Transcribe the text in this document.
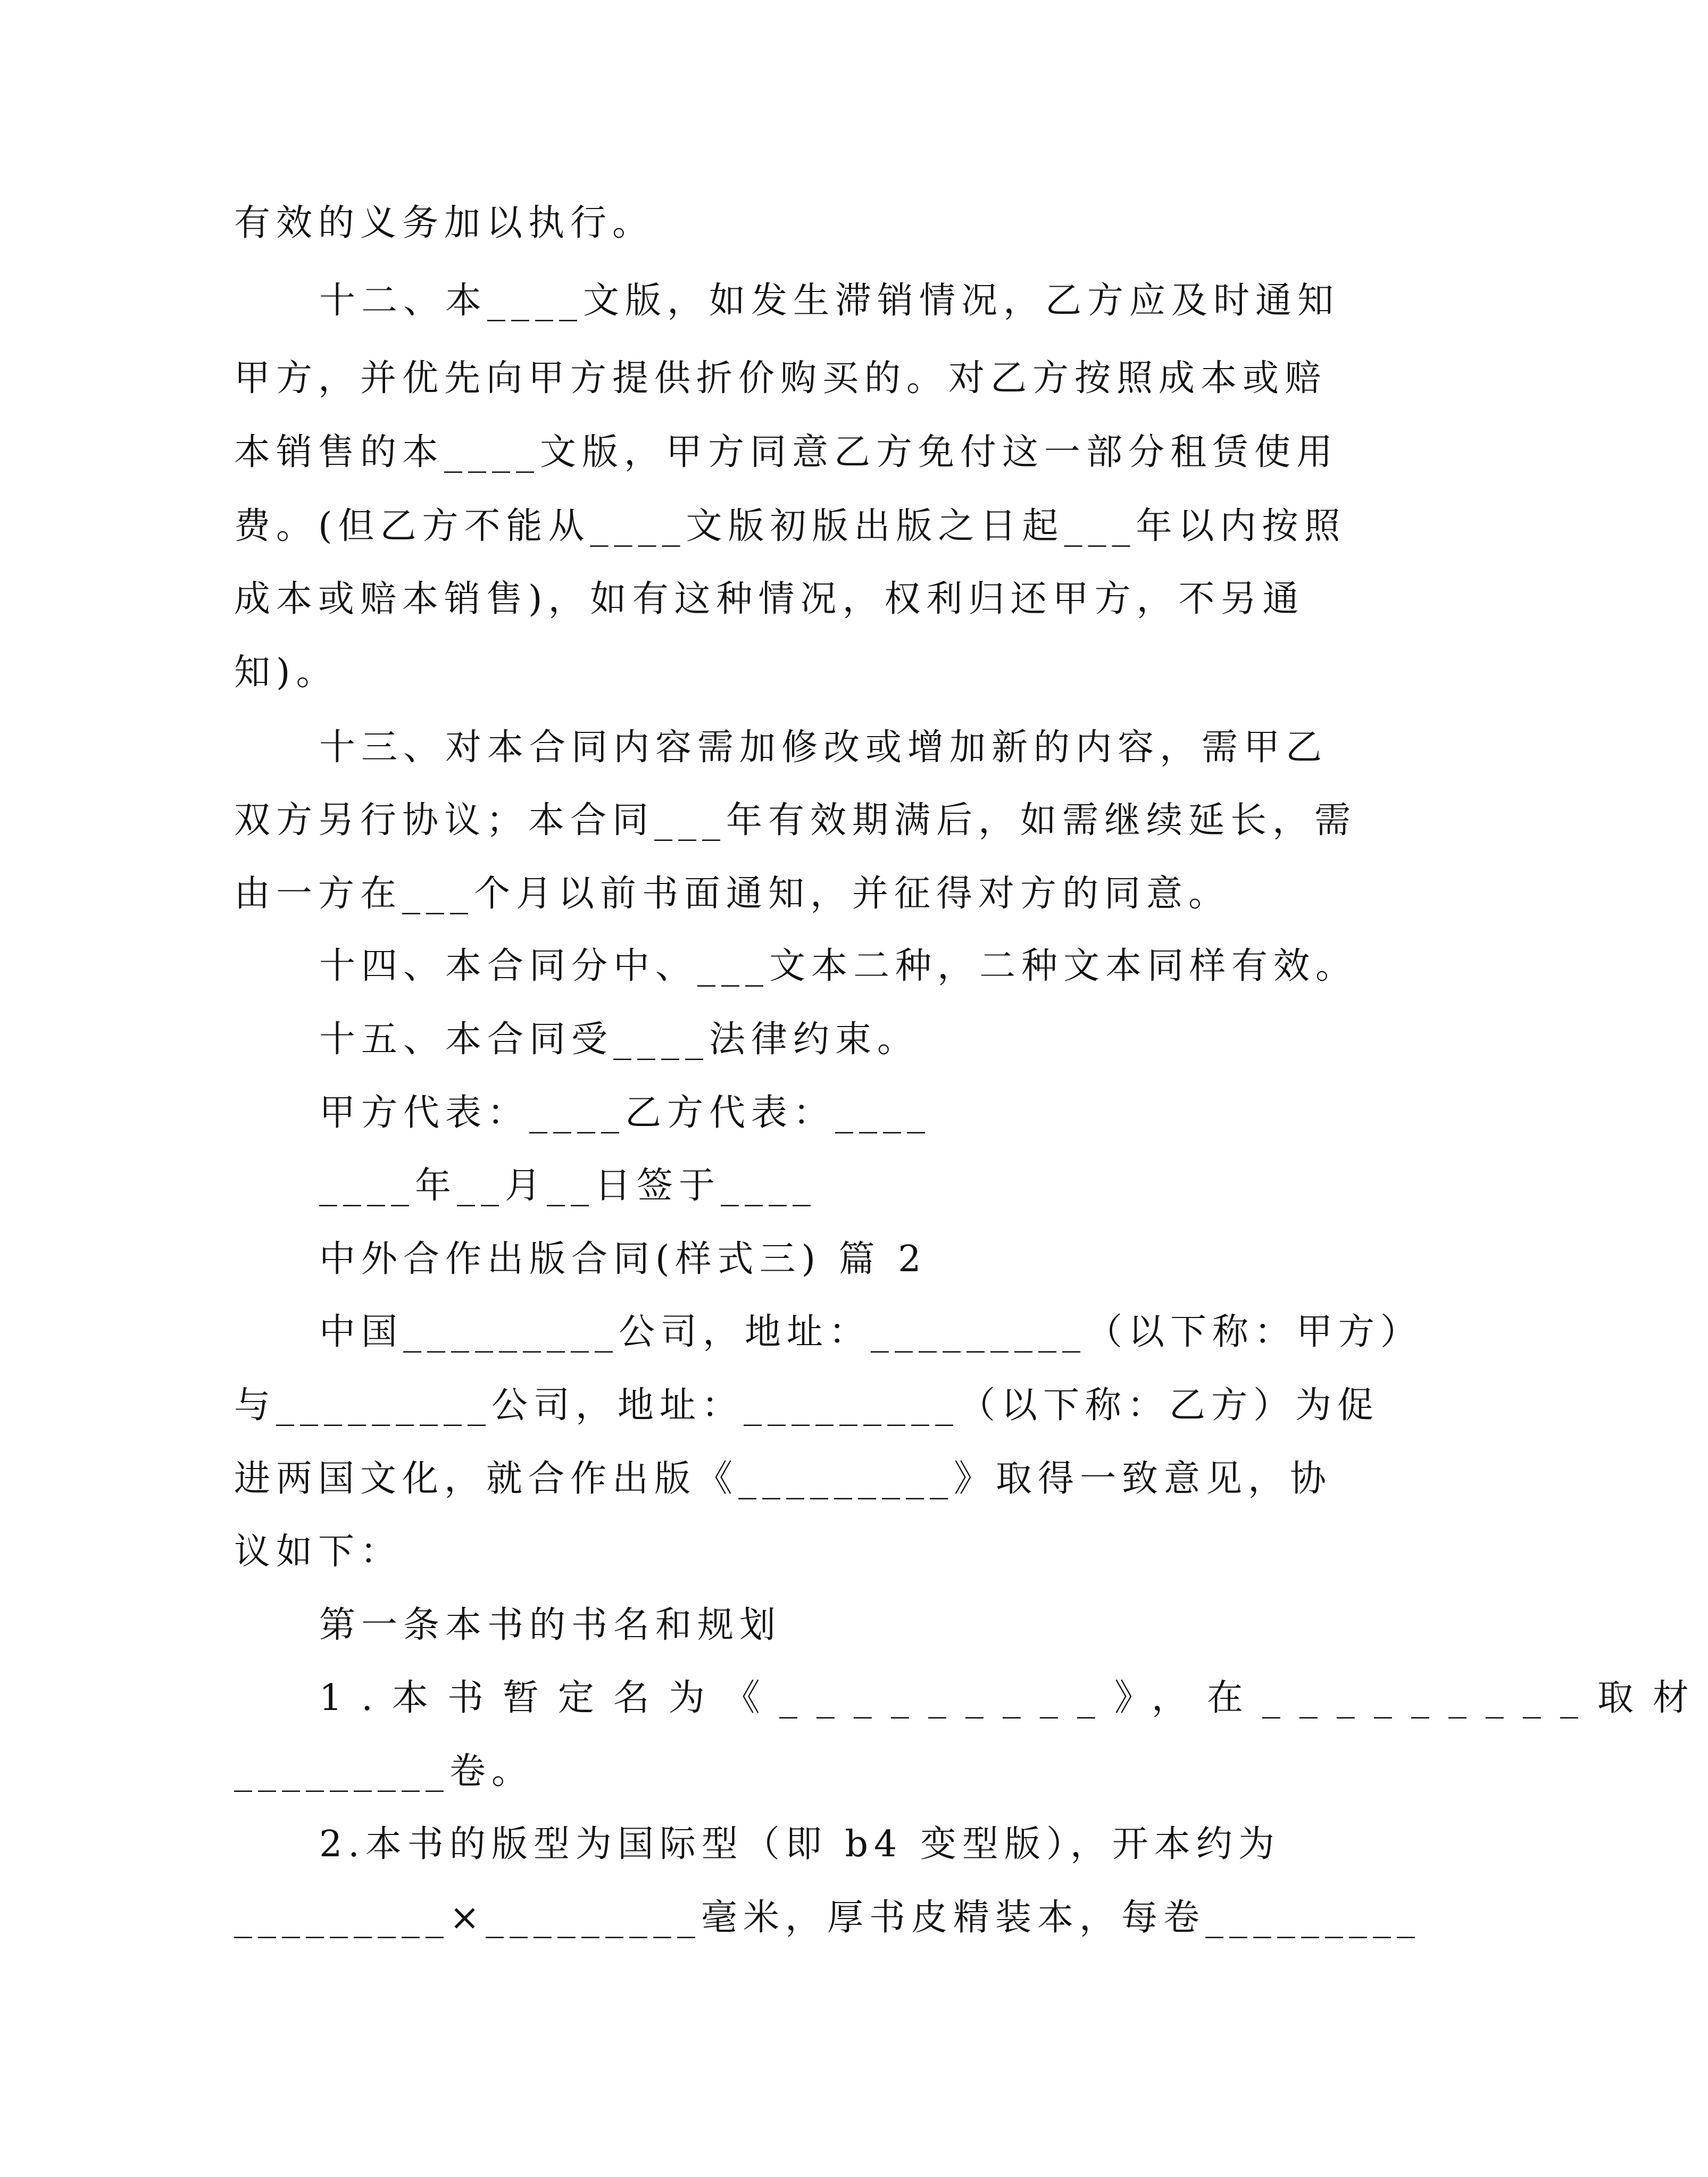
有效的义务加以执行。
十二、本____文版，如发生滞销情况，乙方应及时通知
甲方，并优先向甲方提供折价购买的。对乙方按照成本或赔
本销售的本____文版，甲方同意乙方免付这一部分租赁使用
费。(但乙方不能从____文版初版出版之日起___年以内按照
成本或赔本销售)，如有这种情况，权利归还甲方，不另通
知)。
十三、对本合同内容需加修改或增加新的内容，需甲乙
双方另行协议；本合同___年有效期满后，如需继续延长，需
由一方在___个月以前书面通知，并征得对方的同意。
十四、本合同分中、___文本二种，二种文本同样有效。
十五、本合同受____法律约束。
甲方代表：____乙方代表：____
____年__月__日签于____
中外合作出版合同(样式三) 篇 2
中国_________公司，地址：_________（以下称：甲方）
与_________公司，地址：_________（以下称：乙方）为促
进两国文化，就合作出版《_________》取得一致意见，协
议如下：
第一条本书的书名和规划
1.本书暂定名为《_________》，在_________取材
_________卷。
2.本书的版型为国际型（即 b4 变型版），开本约为
_________×_________毫米，厚书皮精装本，每卷_________
